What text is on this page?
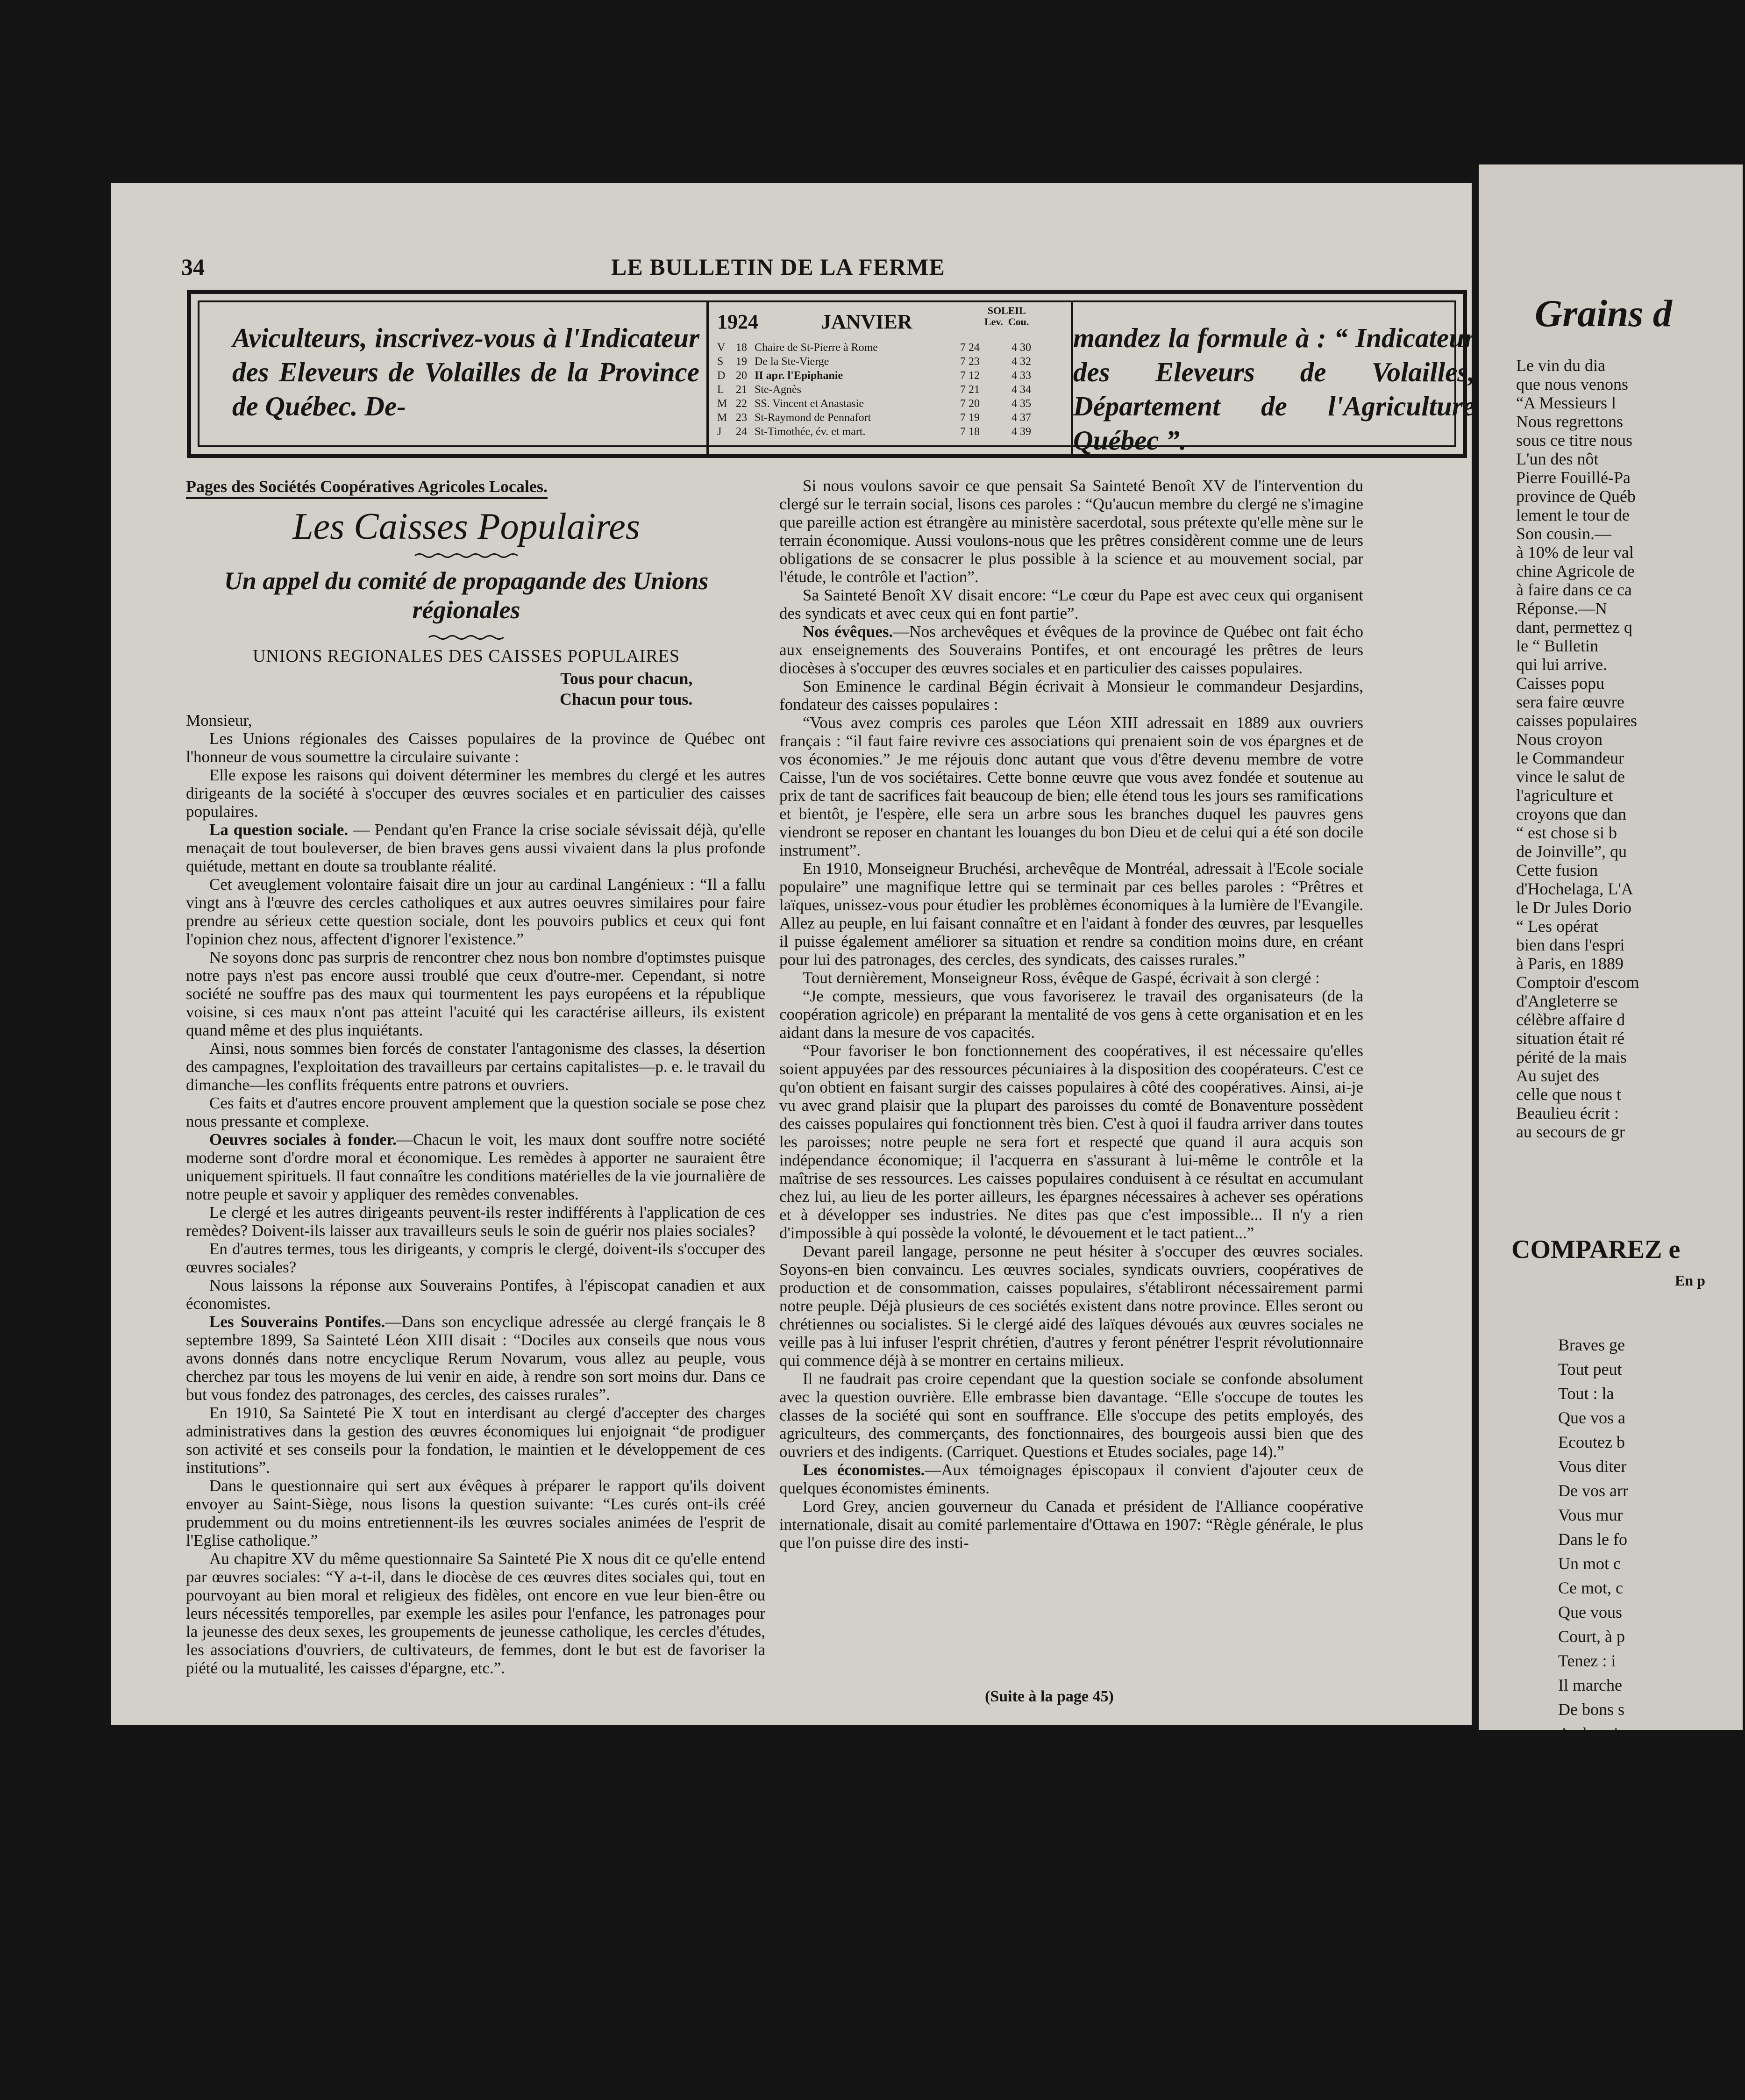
34	LE BULLETIN DE LA FERME
Aviculteurs, inscrivez-vous à l'Indicateur des Eleveurs de Volailles de la Province de Québec. De-
1924	JANVIER	SOLEIL
Lev. Cou.
V 18 Chaire de St-Pierre à Rome	7 24	4 30
S	19 De la Ste-Vierge	7 23	4 32
D 20 II apr. l'Epiphanie	7 12	4 33
L	21 Ste-Agnès	7 21	4 34
M 22 SS. Vincent et Anastasie	7 20	4 35
M 23 St-Raymond de Pennafort	7 19	4 37
J	24 St-Timothée, év. et mart.	7 18	4 39
mandez la formule à : “ Indicateur des Eleveurs de Volailles, Département de l'Agriculture Québec ”.
Pages des Sociétés Coopératives Agricoles Locales.
Les Caisses Populaires
Un appel du comité de propagande des Unions régionales
UNIONS REGIONALES DES CAISSES POPULAIRES
Tous pour chacun,
Chacun pour tous.

Monsieur,

Les Unions régionales des Caisses populaires de la province de Québec ont l'honneur de vous soumettre la circulaire suivante :

Elle expose les raisons qui doivent déterminer les membres du clergé et les autres dirigeants de la société à s'occuper des œuvres sociales et en particulier des caisses populaires.

La question sociale. — Pendant qu'en France la crise sociale sévissait déjà, qu'elle menaçait de tout bouleverser, de bien braves gens aussi vivaient dans la plus profonde quiétude, mettant en doute sa troublante réalité.

Cet aveuglement volontaire faisait dire un jour au cardinal Langénieux : “Il a fallu vingt ans à l'œuvre des cercles catholiques et aux autres oeuvres similaires pour faire prendre au sérieux cette question sociale, dont les pouvoirs publics et ceux qui font l'opinion chez nous, affectent d'ignorer l'existence.”

Ne soyons donc pas surpris de rencontrer chez nous bon nombre d'optimstes puisque notre pays n'est pas encore aussi troublé que ceux d'outre-mer. Cependant, si notre société ne souffre pas des maux qui tourmentent les pays européens et la république voisine, si ces maux n'ont pas atteint l'acuité qui les caractérise ailleurs, ils existent quand même et des plus inquiétants.

Ainsi, nous sommes bien forcés de constater l'antagonisme des classes, la désertion des campagnes, l'exploitation des travailleurs par certains capitalistes—p. e. le travail du dimanche—les conflits fréquents entre patrons et ouvriers.

Ces faits et d'autres encore prouvent amplement que la question sociale se pose chez nous pressante et complexe.

Oeuvres sociales à fonder.—Chacun le voit, les maux dont souffre notre société moderne sont d'ordre moral et économique. Les remèdes à apporter ne sauraient être uniquement spirituels. Il faut connaître les conditions matérielles de la vie journalière de notre peuple et savoir y appliquer des remèdes convenables.

Le clergé et les autres dirigeants peuvent-ils rester indifférents à l'application de ces remèdes? Doivent-ils laisser aux travailleurs seuls le soin de guérir nos plaies sociales?

En d'autres termes, tous les dirigeants, y compris le clergé, doivent-ils s'occuper des œuvres sociales?

Nous laissons la réponse aux Souverains Pontifes, à l'épiscopat canadien et aux économistes.

Les Souverains Pontifes.—Dans son encyclique adressée au clergé français le 8 septembre 1899, Sa Sainteté Léon XIII disait : “Dociles aux conseils que nous vous avons donnés dans notre encyclique Rerum Novarum, vous allez au peuple, vous cherchez par tous les moyens de lui venir en aide, à rendre son sort moins dur. Dans ce but vous fondez des patronages, des cercles, des caisses rurales”.

En 1910, Sa Sainteté Pie X tout en interdisant au clergé d'accepter des charges administratives dans la gestion des œuvres économiques lui enjoignait “de prodiguer son activité et ses conseils pour la fondation, le maintien et le développement de ces institutions”.

Dans le questionnaire qui sert aux évêques à préparer le rapport qu'ils doivent envoyer au Saint-Siège, nous lisons la question suivante: “Les curés ont-ils créé prudemment ou du moins entretiennent-ils les œuvres sociales animées de l'esprit de l'Eglise catholique.”

Au chapitre XV du même questionnaire Sa Sainteté Pie X nous dit ce qu'elle entend par œuvres sociales: “Y a-t-il, dans le diocèse de ces œuvres dites sociales qui, tout en pourvoyant au bien moral et religieux des fidèles, ont encore en vue leur bien-être ou leurs nécessités temporelles, par exemple les asiles pour l'enfance, les patronages pour la jeunesse des deux sexes, les groupements de jeunesse catholique, les cercles d'études, les associations d'ouvriers, de cultivateurs, de femmes, dont le but est de favoriser la piété ou la mutualité, les caisses d'épargne, etc.”.

Si nous voulons savoir ce que pensait Sa Sainteté Benoît XV de l'intervention du clergé sur le terrain social, lisons ces paroles : “Qu'aucun membre du clergé ne s'imagine que pareille action est étrangère au ministère sacerdotal, sous prétexte qu'elle mène sur le terrain économique. Aussi voulons-nous que les prêtres considèrent comme une de leurs obligations de se consacrer le plus possible à la science et au mouvement social, par l'étude, le contrôle et l'action”.

Sa Sainteté Benoît XV disait encore: “Le cœur du Pape est avec ceux qui organisent des syndicats et avec ceux qui en font partie”.

Nos évêques.—Nos archevêques et évêques de la province de Québec ont fait écho aux enseignements des Souverains Pontifes, et ont encouragé les prêtres de leurs diocèses à s'occuper des œuvres sociales et en particulier des caisses populaires.

Son Eminence le cardinal Bégin écrivait à Monsieur le commandeur Desjardins, fondateur des caisses populaires :

“Vous avez compris ces paroles que Léon XIII adressait en 1889 aux ouvriers français : “il faut faire revivre ces associations qui prenaient soin de vos épargnes et de vos économies.” Je me réjouis donc autant que vous d'être devenu membre de votre Caisse, l'un de vos sociétaires. Cette bonne œuvre que vous avez fondée et soutenue au prix de tant de sacrifices fait beaucoup de bien; elle étend tous les jours ses ramifications et bientôt, je l'espère, elle sera un arbre sous les branches duquel les pauvres gens viendront se reposer en chantant les louanges du bon Dieu et de celui qui a été son docile instrument”.

En 1910, Monseigneur Bruchési, archevêque de Montréal, adressait à l'Ecole sociale populaire” une magnifique lettre qui se terminait par ces belles paroles : “Prêtres et laïques, unissez-vous pour étudier les problèmes économiques à la lumière de l'Evangile. Allez au peuple, en lui faisant connaître et en l'aidant à fonder des œuvres, par lesquelles il puisse également améliorer sa situation et rendre sa condition moins dure, en créant pour lui des patronages, des cercles, des syndicats, des caisses rurales.”

Tout dernièrement, Monseigneur Ross, évêque de Gaspé, écrivait à son clergé :

“Je compte, messieurs, que vous favoriserez le travail des organisateurs (de la coopération agricole) en préparant la mentalité de vos gens à cette organisation et en les aidant dans la mesure de vos capacités.

“Pour favoriser le bon fonctionnement des coopératives, il est nécessaire qu'elles soient appuyées par des ressources pécuniaires à la disposition des coopérateurs. C'est ce qu'on obtient en faisant surgir des caisses populaires à côté des coopératives. Ainsi, ai-je vu avec grand plaisir que la plupart des paroisses du comté de Bonaventure possèdent des caisses populaires qui fonctionnent très bien. C'est à quoi il faudra arriver dans toutes les paroisses; notre peuple ne sera fort et respecté que quand il aura acquis son indépendance économique; il l'acquerra en s'assurant à lui-même le contrôle et la maîtrise de ses ressources. Les caisses populaires conduisent à ce résultat en accumulant chez lui, au lieu de les porter ailleurs, les épargnes nécessaires à achever ses opérations et à développer ses industries. Ne dites pas que c'est impossible... Il n'y a rien d'impossible à qui possède la volonté, le dévouement et le tact patient...”

Devant pareil langage, personne ne peut hésiter à s'occuper des œuvres sociales. Soyons-en bien convaincu. Les œuvres sociales, syndicats ouvriers, coopératives de production et de consommation, caisses populaires, s'établiront nécessairement parmi notre peuple. Déjà plusieurs de ces sociétés existent dans notre province. Elles seront ou chrétiennes ou socialistes. Si le clergé aidé des laïques dévoués aux œuvres sociales ne veille pas à lui infuser l'esprit chrétien, d'autres y feront pénétrer l'esprit révolutionnaire qui commence déjà à se montrer en certains milieux.

Il ne faudrait pas croire cependant que la question sociale se confonde absolument avec la question ouvrière. Elle embrasse bien davantage. “Elle s'occupe de toutes les classes de la société qui sont en souffrance. Elle s'occupe des petits employés, des agriculteurs, des commerçants, des fonctionnaires, des bourgeois aussi bien que des ouvriers et des indigents. (Carriquet. Questions et Etudes sociales, page 14).”

Les économistes.—Aux témoignages épiscopaux il convient d'ajouter ceux de quelques économistes éminents.

Lord Grey, ancien gouverneur du Canada et président de l'Alliance coopérative internationale, disait au comité parlementaire d'Ottawa en 1907: “Règle générale, le plus que l'on puisse dire des insti-

(Suite à la page 45)
Grains d

Le vin du dia

que nous venons

“A Messieurs l

Nous regrettons

sous ce titre nous

L'un des nôt

Pierre Fouillé-Pa

province de Québ

lement le tour de

Son cousin.—

à 10% de leur val

chine Agricole de

à faire dans ce ca

Réponse.—N

dant, permettez q

le “ Bulletin

qui lui arrive.

Caisses popu

sera faire œuvre

caisses populaires

Nous croyon

le Commandeur

vince le salut de

l'agriculture et

croyons que dan

“ est chose si b

de Joinville”, qu

Cette fusion

d'Hochelaga, L'A

le Dr Jules Dorio

“ Les opérat

bien dans l'espri

à Paris, en 1889

Comptoir d'escom

d'Angleterre se

célèbre affaire d

situation était ré

périté de la mais

Au sujet des

celle que nous t

Beaulieu écrit :

au secours de gr

COMPAREZ e
En p
Braves ge
Tout peut
Tout : la
Que vos a
Ecoutez b
Vous diter
De vos arr
Vous mur
Dans le fo
Un mot c
Ce mot, c
Que vous
Court, à p
Tenez : i
Il marche
De bons s
Au besoin
Il vous é
Il suit le
Passe l'ea
Il va tout
Droit che
Il sait le
Il monte
Entre, arr
Dit : Me
Et c'est fr
